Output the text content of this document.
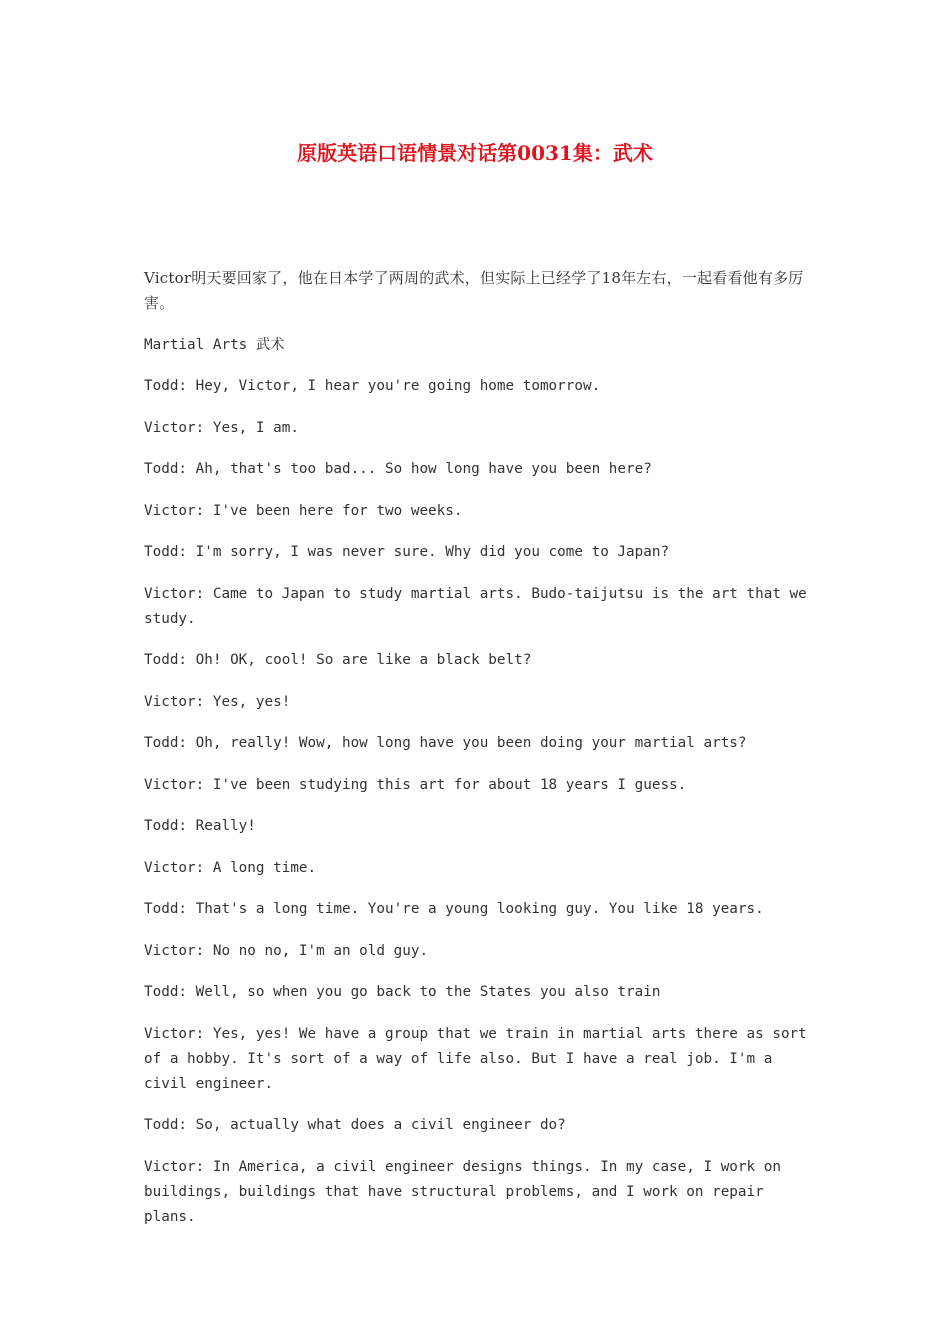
原版英语口语情景对话第0031集：武术

Victor明天要回家了，他在日本学了两周的武术，但实际上已经学了18年左右，一起看看他有多厉害。

Martial Arts 武术

Todd: Hey, Victor, I hear you're going home tomorrow.

Victor: Yes, I am.

Todd: Ah, that's too bad... So how long have you been here?

Victor: I've been here for two weeks.

Todd: I'm sorry, I was never sure. Why did you come to Japan?

Victor: Came to Japan to study martial arts. Budo-taijutsu is the art that we study.

Todd: Oh! OK, cool! So are like a black belt?

Victor: Yes, yes!

Todd: Oh, really! Wow, how long have you been doing your martial arts?

Victor: I've been studying this art for about 18 years I guess.

Todd: Really!

Victor: A long time.

Todd: That's a long time. You're a young looking guy. You like 18 years.

Victor: No no no, I'm an old guy.

Todd: Well, so when you go back to the States you also train

Victor: Yes, yes! We have a group that we train in martial arts there as sort of a hobby. It's sort of a way of life also. But I have a real job. I'm a civil engineer.

Todd: So, actually what does a civil engineer do?

Victor: In America, a civil engineer designs things. In my case, I work on buildings, buildings that have structural problems, and I work on repair plans.
